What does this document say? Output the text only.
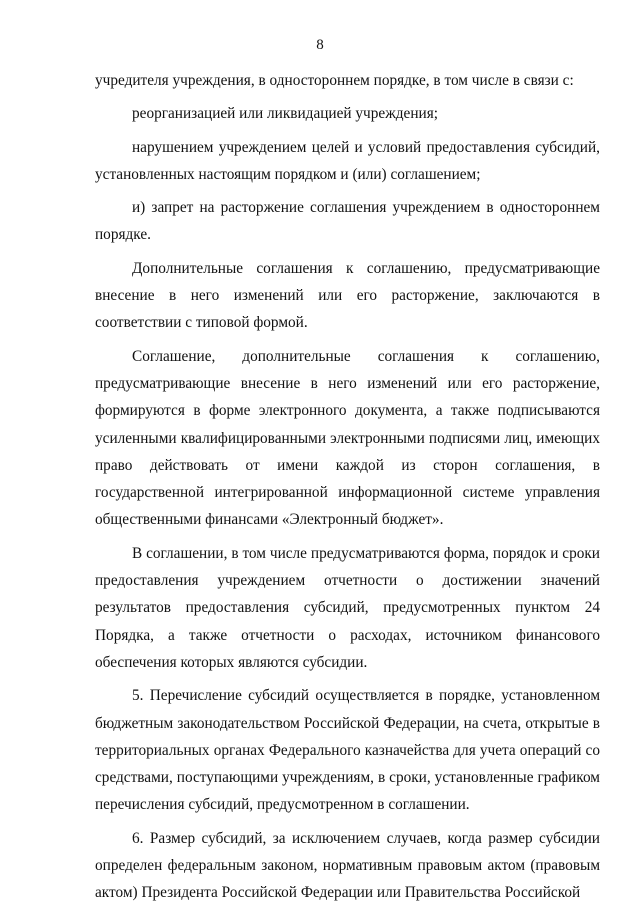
8

учредителя учреждения, в одностороннем порядке, в том числе в связи с:

реорганизацией или ликвидацией учреждения;

нарушением учреждением целей и условий предоставления субсидий, установленных настоящим порядком и (или) соглашением;

и) запрет на расторжение соглашения учреждением в одностороннем порядке.

Дополнительные соглашения к соглашению, предусматривающие внесение в него изменений или его расторжение, заключаются в соответствии с типовой формой.

Соглашение, дополнительные соглашения к соглашению, предусматривающие внесение в него изменений или его расторжение, формируются в форме электронного документа, а также подписываются усиленными квалифицированными электронными подписями лиц, имеющих право действовать от имени каждой из сторон соглашения, в государственной интегрированной информационной системе управления общественными финансами «Электронный бюджет».

В соглашении, в том числе предусматриваются форма, порядок и сроки предоставления учреждением отчетности о достижении значений результатов предоставления субсидий, предусмотренных пунктом 24 Порядка, а также отчетности о расходах, источником финансового обеспечения которых являются субсидии.

5. Перечисление субсидий осуществляется в порядке, установленном бюджетным законодательством Российской Федерации, на счета, открытые в территориальных органах Федерального казначейства для учета операций со средствами, поступающими учреждениям, в сроки, установленные графиком перечисления субсидий, предусмотренном в соглашении.

6. Размер субсидий, за исключением случаев, когда размер субсидии определен федеральным законом, нормативным правовым актом (правовым актом) Президента Российской Федерации или Правительства Российской
